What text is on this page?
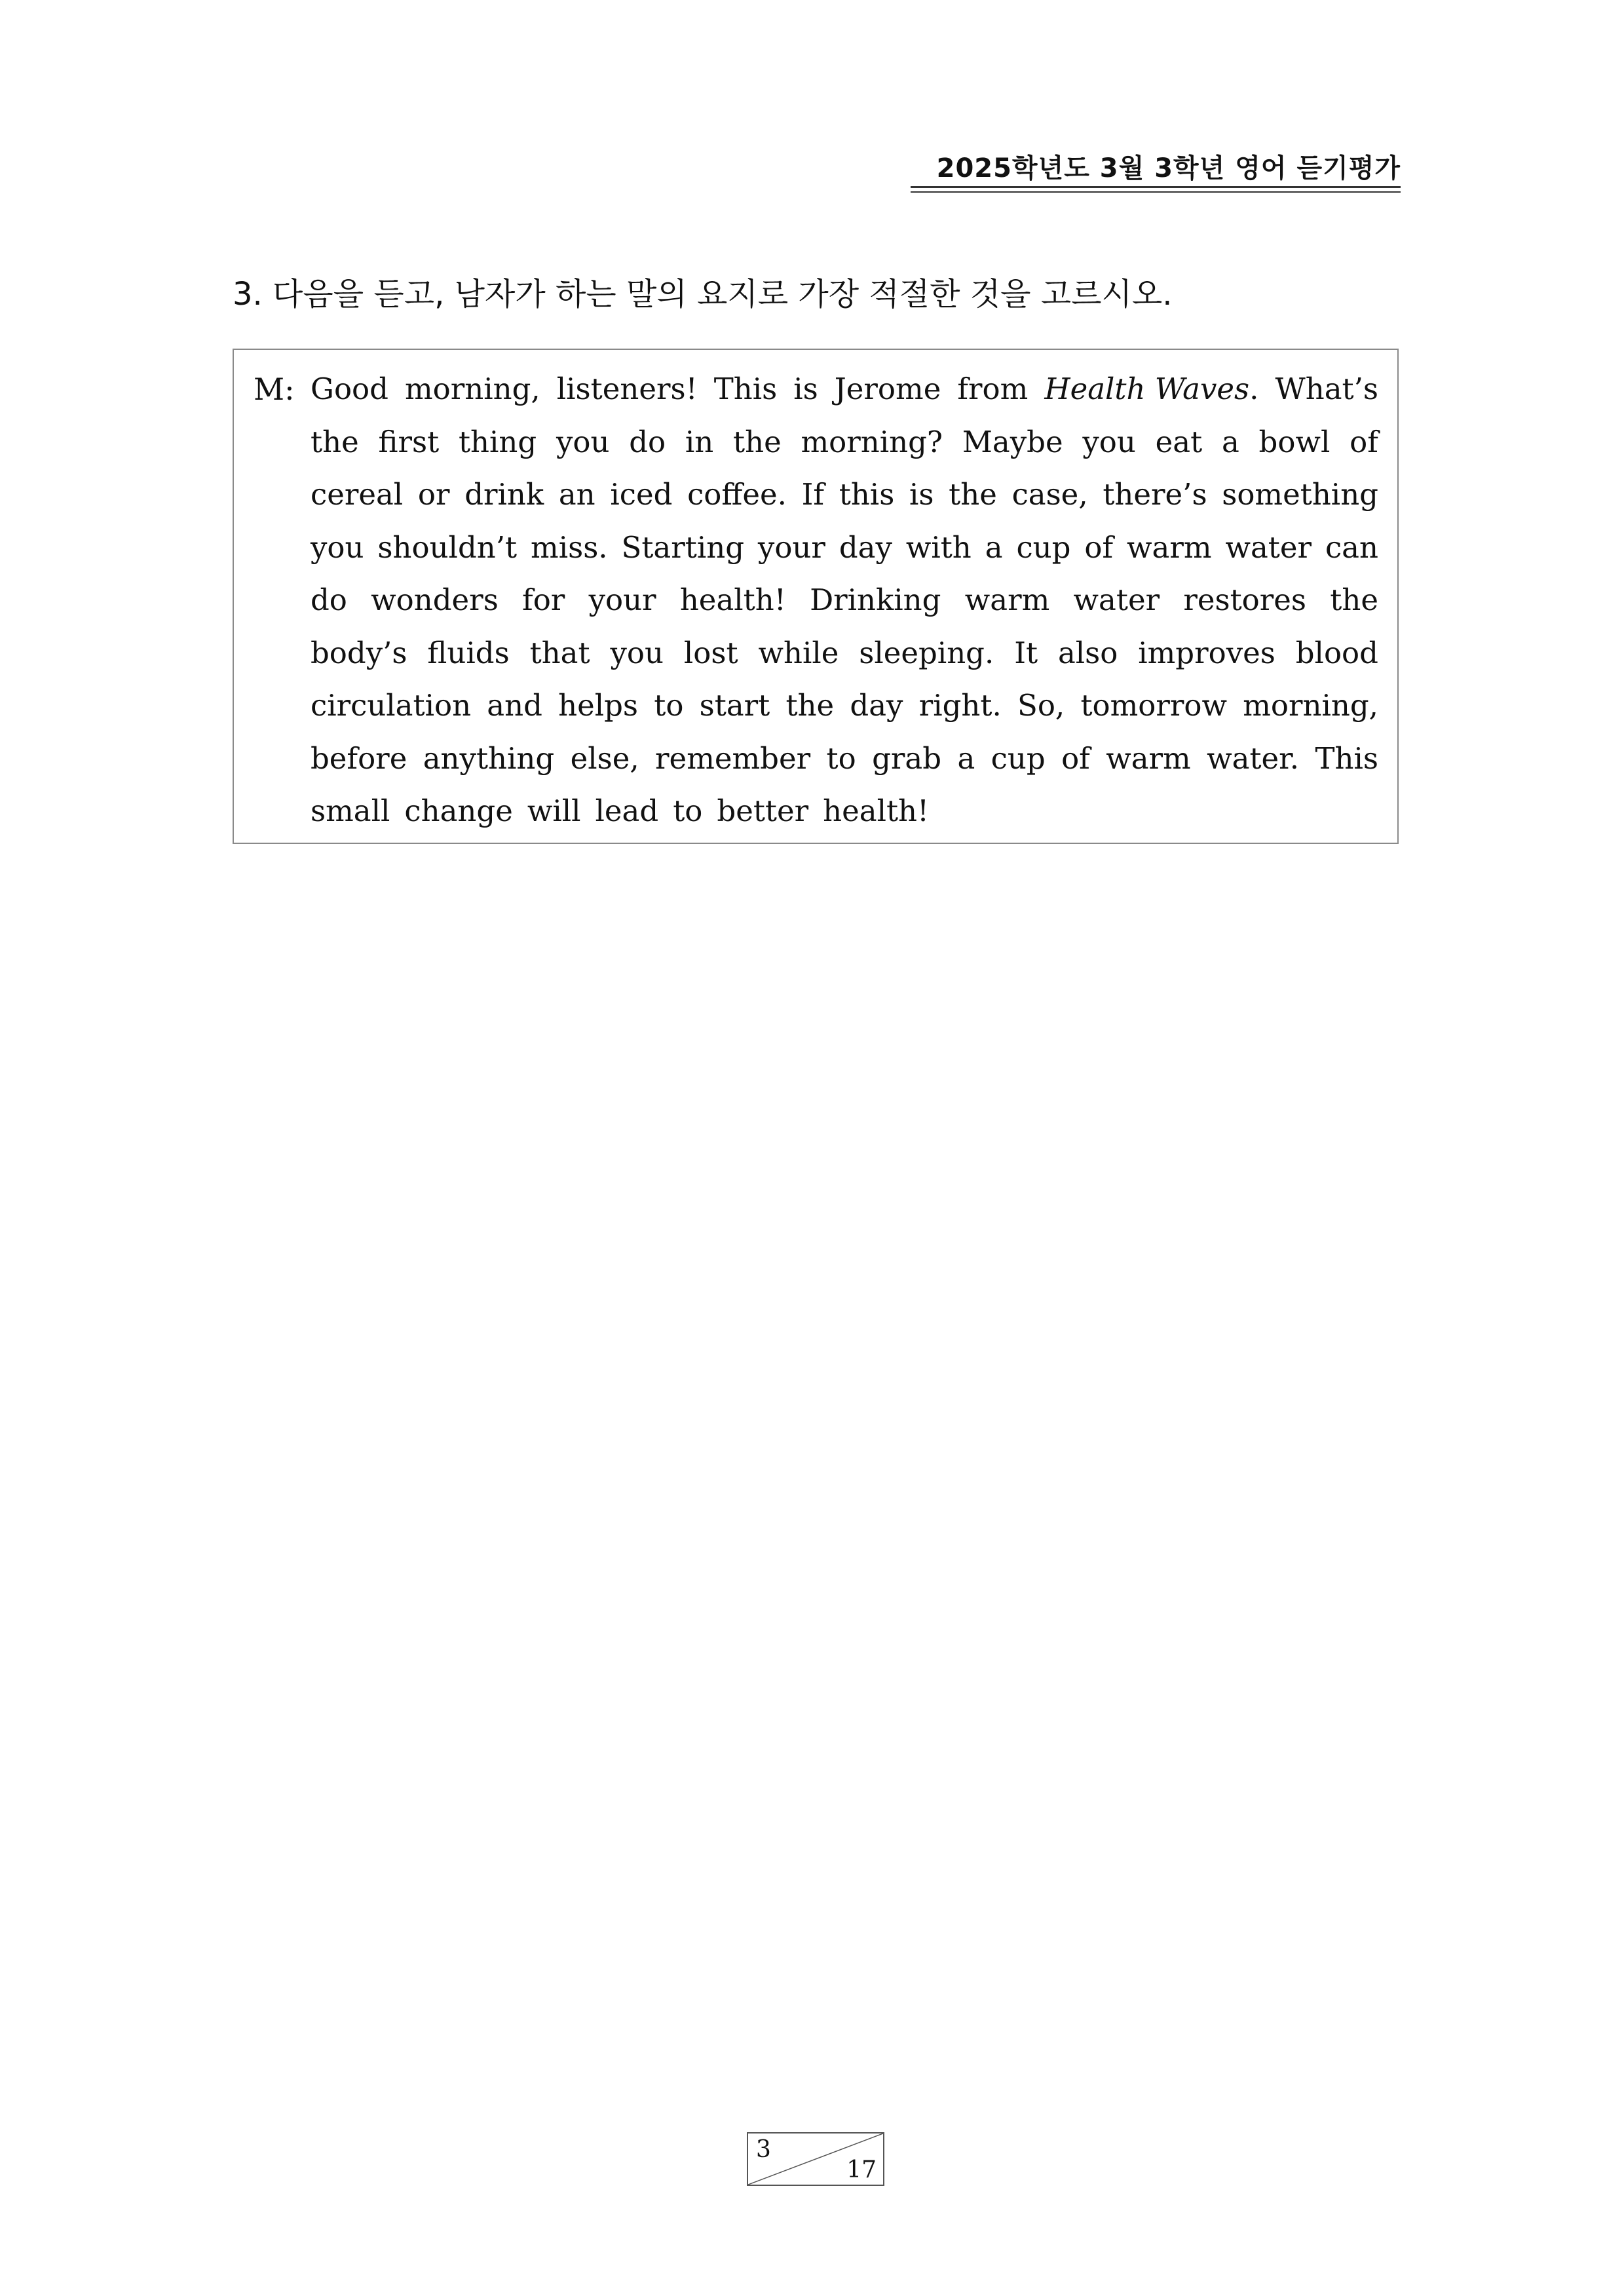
2025학년도 3월 3학년 영어 듣기평가
3. 다음을 듣고, 남자가 하는 말의 요지로 가장 적절한 것을 고르시오.
M: Good morning, listeners! This is Jerome from Health Waves. What’s
the first thing you do in the morning? Maybe you eat a bowl of
cereal or drink an iced coffee. If this is the case, there’s something
you shouldn’t miss. Starting your day with a cup of warm water can
do wonders for your health! Drinking warm water restores the
body’s fluids that you lost while sleeping. It also improves blood
circulation and helps to start the day right. So, tomorrow morning,
before anything else, remember to grab a cup of warm water. This
small change will lead to better health!
3
17
